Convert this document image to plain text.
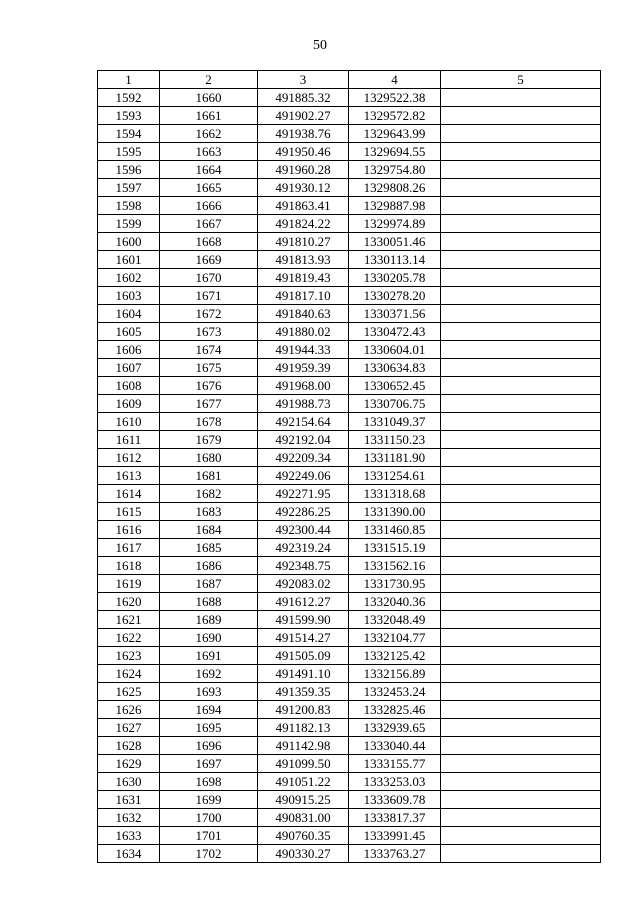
50
1	2	3	4	5
1592	1660	491885.32	1329522.38	
1593	1661	491902.27	1329572.82	
1594	1662	491938.76	1329643.99	
1595	1663	491950.46	1329694.55	
1596	1664	491960.28	1329754.80	
1597	1665	491930.12	1329808.26	
1598	1666	491863.41	1329887.98	
1599	1667	491824.22	1329974.89	
1600	1668	491810.27	1330051.46	
1601	1669	491813.93	1330113.14	
1602	1670	491819.43	1330205.78	
1603	1671	491817.10	1330278.20	
1604	1672	491840.63	1330371.56	
1605	1673	491880.02	1330472.43	
1606	1674	491944.33	1330604.01	
1607	1675	491959.39	1330634.83	
1608	1676	491968.00	1330652.45	
1609	1677	491988.73	1330706.75	
1610	1678	492154.64	1331049.37	
1611	1679	492192.04	1331150.23	
1612	1680	492209.34	1331181.90	
1613	1681	492249.06	1331254.61	
1614	1682	492271.95	1331318.68	
1615	1683	492286.25	1331390.00	
1616	1684	492300.44	1331460.85	
1617	1685	492319.24	1331515.19	
1618	1686	492348.75	1331562.16	
1619	1687	492083.02	1331730.95	
1620	1688	491612.27	1332040.36	
1621	1689	491599.90	1332048.49	
1622	1690	491514.27	1332104.77	
1623	1691	491505.09	1332125.42	
1624	1692	491491.10	1332156.89	
1625	1693	491359.35	1332453.24	
1626	1694	491200.83	1332825.46	
1627	1695	491182.13	1332939.65	
1628	1696	491142.98	1333040.44	
1629	1697	491099.50	1333155.77	
1630	1698	491051.22	1333253.03	
1631	1699	490915.25	1333609.78	
1632	1700	490831.00	1333817.37	
1633	1701	490760.35	1333991.45	
1634	1702	490330.27	1333763.27	
